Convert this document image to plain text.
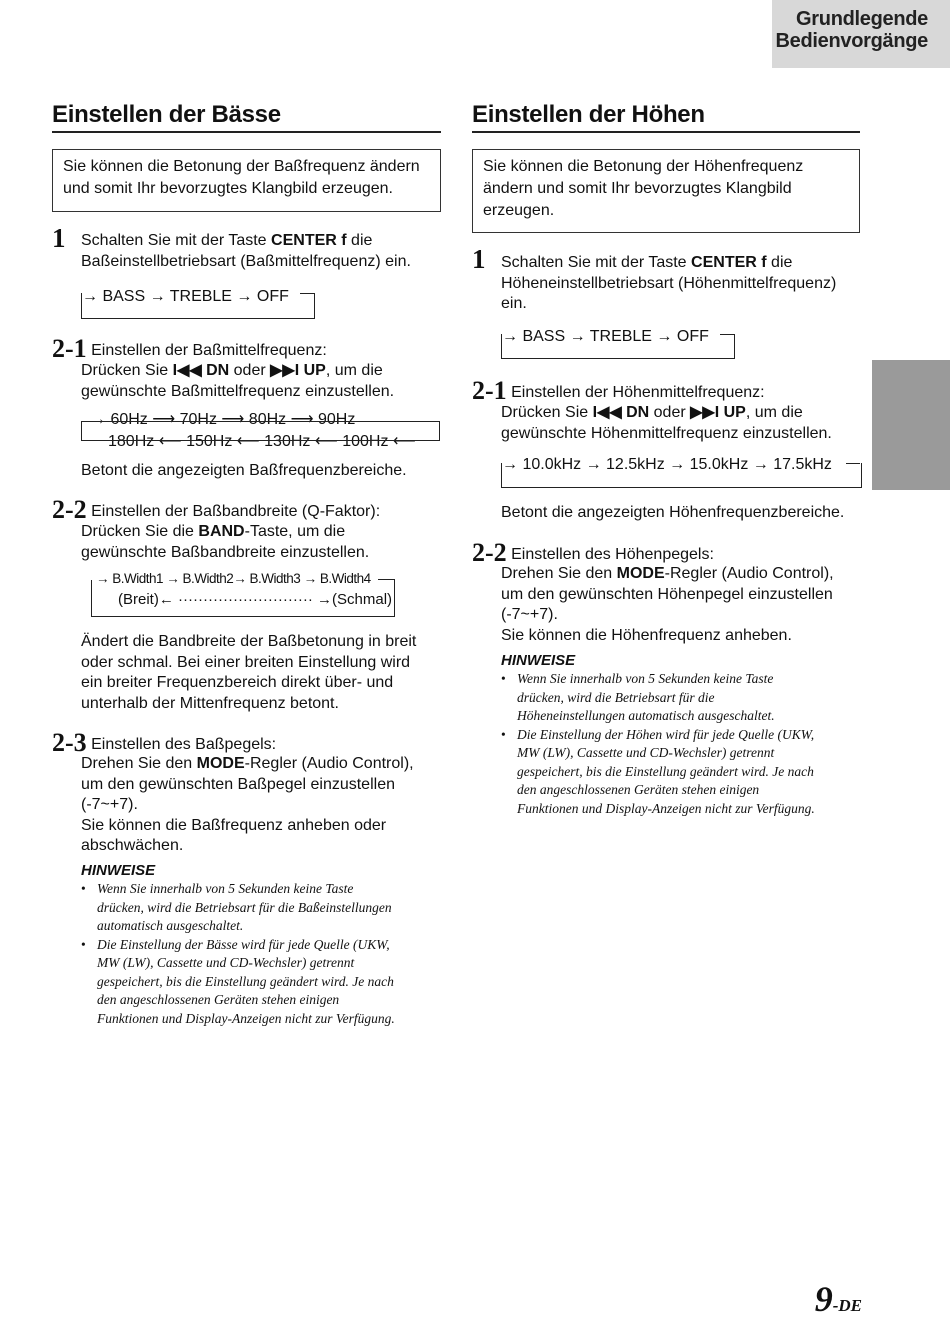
Grundlegende
Bedienvorgänge
Einstellen der Bässe
Sie können die Betonung der Baßfrequenz ändern
und somit Ihr bevorzugtes Klangbild erzeugen.
1 Schalten Sie mit der Taste CENTER f die
Baßeinstellbetriebsart (Baßmittelfrequenz) ein.
→ BASS → TREBLE → OFF
2-1 Einstellen der Baßmittelfrequenz:
Drücken Sie I◀◀ DN oder ▶▶I UP, um die
gewünschte Baßmittelfrequenz einzustellen.
→ 60Hz ⟶ 70Hz ⟶ 80Hz ⟶ 90Hz
180Hz ⟵ 150Hz ⟵ 130Hz ⟵ 100Hz ⟵
Betont die angezeigten Baßfrequenzbereiche.
2-2 Einstellen der Baßbandbreite (Q-Faktor):
Drücken Sie die BAND-Taste, um die
gewünschte Baßbandbreite einzustellen.
→ B.Width1 → B.Width2→ B.Width3 → B.Width4
(Breit)← ··························· →(Schmal)
Ändert die Bandbreite der Baßbetonung in breit
oder schmal. Bei einer breiten Einstellung wird
ein breiter Frequenzbereich direkt über- und
unterhalb der Mittenfrequenz betont.
2-3 Einstellen des Baßpegels:
Drehen Sie den MODE-Regler (Audio Control),
um den gewünschten Baßpegel einzustellen
(-7~+7).
Sie können die Baßfrequenz anheben oder
abschwächen.
HINWEISE
• Wenn Sie innerhalb von 5 Sekunden keine Taste
drücken, wird die Betriebsart für die Baßeinstellungen
automatisch ausgeschaltet.
• Die Einstellung der Bässe wird für jede Quelle (UKW,
MW (LW), Cassette und CD-Wechsler) getrennt
gespeichert, bis die Einstellung geändert wird. Je nach
den angeschlossenen Geräten stehen einigen
Funktionen und Display-Anzeigen nicht zur Verfügung.
Einstellen der Höhen
Sie können die Betonung der Höhenfrequenz
ändern und somit Ihr bevorzugtes Klangbild
erzeugen.
1 Schalten Sie mit der Taste CENTER f die
Höheneinstellbetriebsart (Höhenmittelfrequenz)
ein.
→ BASS → TREBLE → OFF
2-1 Einstellen der Höhenmittelfrequenz:
Drücken Sie I◀◀ DN oder ▶▶I UP, um die
gewünschte Höhenmittelfrequenz einzustellen.
→ 10.0kHz → 12.5kHz → 15.0kHz → 17.5kHz
Betont die angezeigten Höhenfrequenzbereiche.
2-2 Einstellen des Höhenpegels:
Drehen Sie den MODE-Regler (Audio Control),
um den gewünschten Höhenpegel einzustellen
(-7~+7).
Sie können die Höhenfrequenz anheben.
HINWEISE
• Wenn Sie innerhalb von 5 Sekunden keine Taste
drücken, wird die Betriebsart für die
Höheneinstellungen automatisch ausgeschaltet.
• Die Einstellung der Höhen wird für jede Quelle (UKW,
MW (LW), Cassette und CD-Wechsler) getrennt
gespeichert, bis die Einstellung geändert wird. Je nach
den angeschlossenen Geräten stehen einigen
Funktionen und Display-Anzeigen nicht zur Verfügung.
9-DE
